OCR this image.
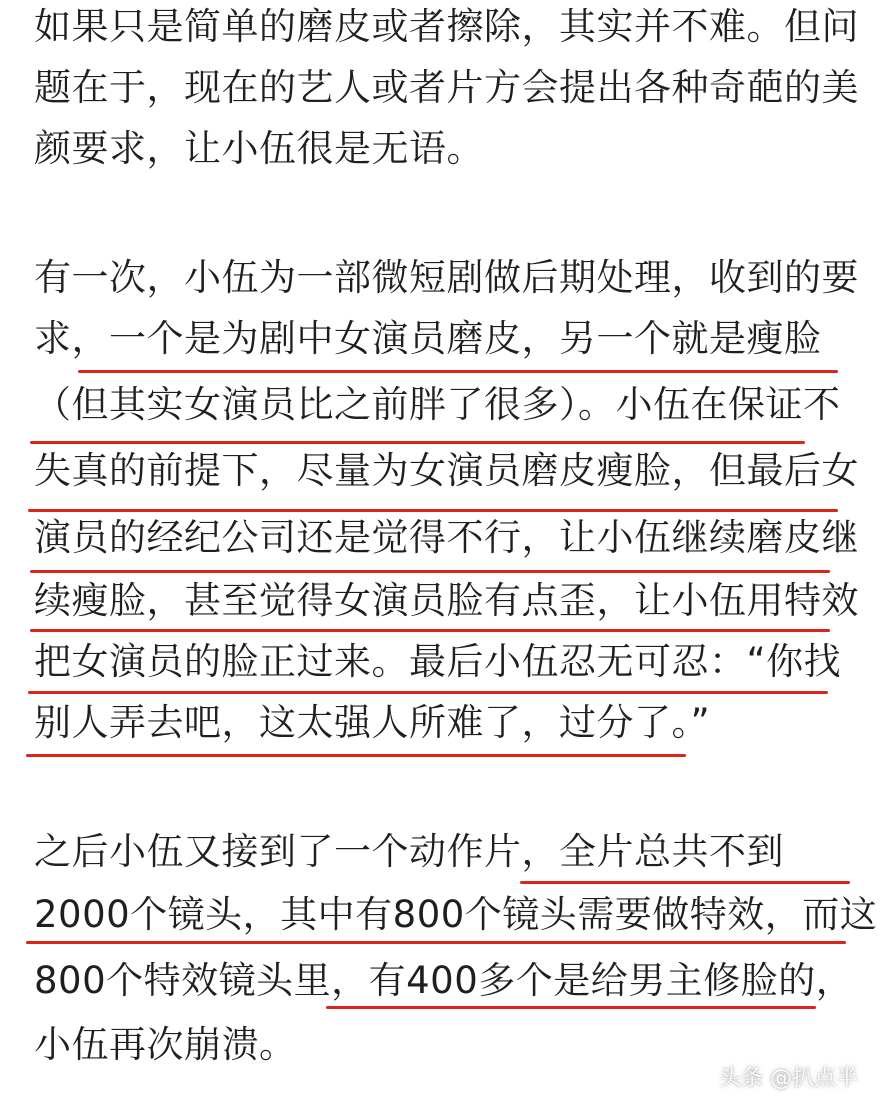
如果只是简单的磨皮或者擦除，其实并不难。但问
题在于，现在的艺人或者片方会提出各种奇葩的美
颜要求，让小伍很是无语。
有一次，小伍为一部微短剧做后期处理，收到的要
求，一个是为剧中女演员磨皮，另一个就是瘦脸
（但其实女演员比之前胖了很多）。小伍在保证不
失真的前提下，尽量为女演员磨皮瘦脸，但最后女
演员的经纪公司还是觉得不行，让小伍继续磨皮继
续瘦脸，甚至觉得女演员脸有点歪，让小伍用特效
把女演员的脸正过来。最后小伍忍无可忍：“你找
别人弄去吧，这太强人所难了，过分了。”
之后小伍又接到了一个动作片，全片总共不到
2000个镜头，其中有800个镜头需要做特效，而这
800个特效镜头里，有400多个是给男主修脸的，
小伍再次崩溃。
头条 @扒点半
